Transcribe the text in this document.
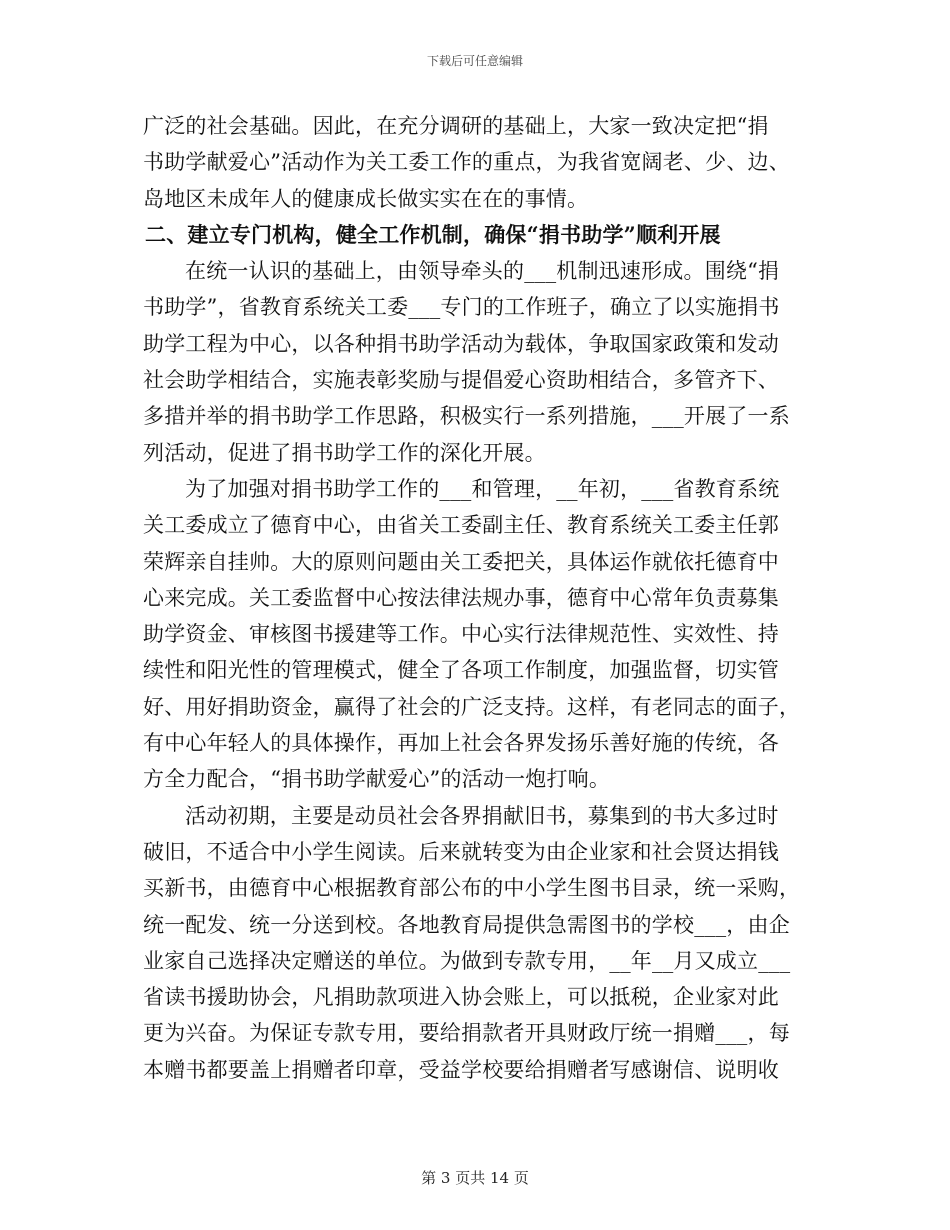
下载后可任意编辑
广泛的社会基础。因此，在充分调研的基础上，大家一致决定把“捐
书助学献爱心”活动作为关工委工作的重点，为我省宽阔老、少、边、
岛地区未成年人的健康成长做实实在在的事情。
二、建立专门机构，健全工作机制，确保“捐书助学”顺利开展
在统一认识的基础上，由领导牵头的___机制迅速形成。围绕“捐
书助学”，省教育系统关工委___专门的工作班子，确立了以实施捐书
助学工程为中心，以各种捐书助学活动为载体，争取国家政策和发动
社会助学相结合，实施表彰奖励与提倡爱心资助相结合，多管齐下、
多措并举的捐书助学工作思路，积极实行一系列措施，___开展了一系
列活动，促进了捐书助学工作的深化开展。
为了加强对捐书助学工作的___和管理，__年初，___省教育系统
关工委成立了德育中心，由省关工委副主任、教育系统关工委主任郭
荣辉亲自挂帅。大的原则问题由关工委把关，具体运作就依托德育中
心来完成。关工委监督中心按法律法规办事，德育中心常年负责募集
助学资金、审核图书援建等工作。中心实行法律规范性、实效性、持
续性和阳光性的管理模式，健全了各项工作制度，加强监督，切实管
好、用好捐助资金，赢得了社会的广泛支持。这样，有老同志的面子，
有中心年轻人的具体操作，再加上社会各界发扬乐善好施的传统，各
方全力配合，“捐书助学献爱心”的活动一炮打响。
活动初期，主要是动员社会各界捐献旧书，募集到的书大多过时
破旧，不适合中小学生阅读。后来就转变为由企业家和社会贤达捐钱
买新书，由德育中心根据教育部公布的中小学生图书目录，统一采购，
统一配发、统一分送到校。各地教育局提供急需图书的学校___，由企
业家自己选择决定赠送的单位。为做到专款专用，__年__月又成立___
省读书援助协会，凡捐助款项进入协会账上，可以抵税，企业家对此
更为兴奋。为保证专款专用，要给捐款者开具财政厅统一捐赠___，每
本赠书都要盖上捐赠者印章，受益学校要给捐赠者写感谢信、说明收
第 3 页共 14 页
